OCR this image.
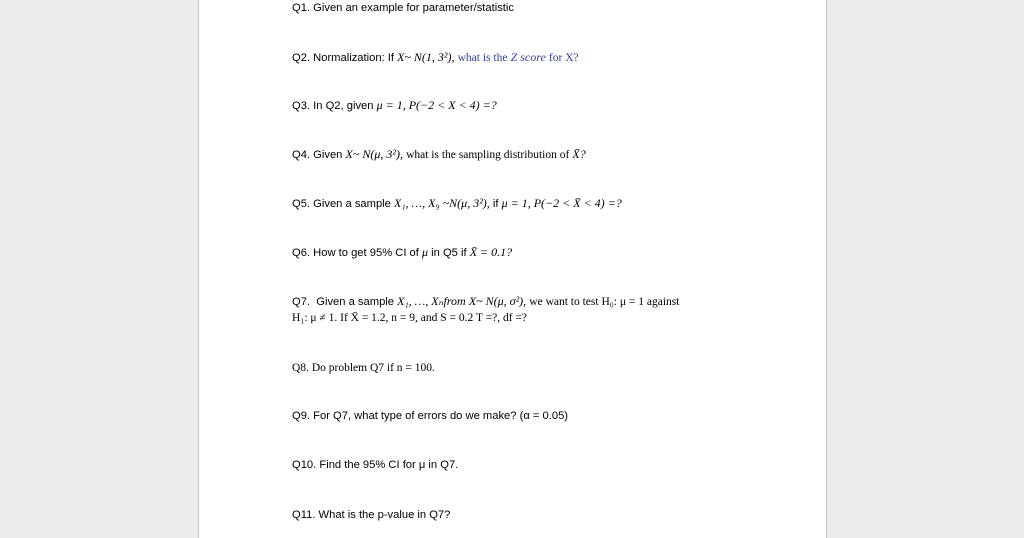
Q1. Given an example for parameter/statistic
Q2. Normalization: If X~ N(1, 3²), what is the Z score for X?
Q3. In Q2, given μ = 1, P(−2 < X < 4) =?
Q4. Given X~ N(μ, 3²), what is the sampling distribution of X̄?
Q5. Given a sample X₁, …, X₉ ~N(μ, 3²), if μ = 1, P(−2 < X̄ < 4) =?
Q6. How to get 95% CI of μ in Q5 if X̄ = 0.1?
Q7. Given a sample X₁, …, Xₙfrom X~ N(μ, σ²), we want to test H₀: μ = 1 against
H₁: μ ≠ 1. If X̄ = 1.2, n = 9, and S = 0.2 T =?, df =?
Q8. Do problem Q7 if n = 100.
Q9. For Q7, what type of errors do we make? (α = 0.05)
Q10. Find the 95% CI for μ in Q7.
Q11. What is the p-value in Q7?
